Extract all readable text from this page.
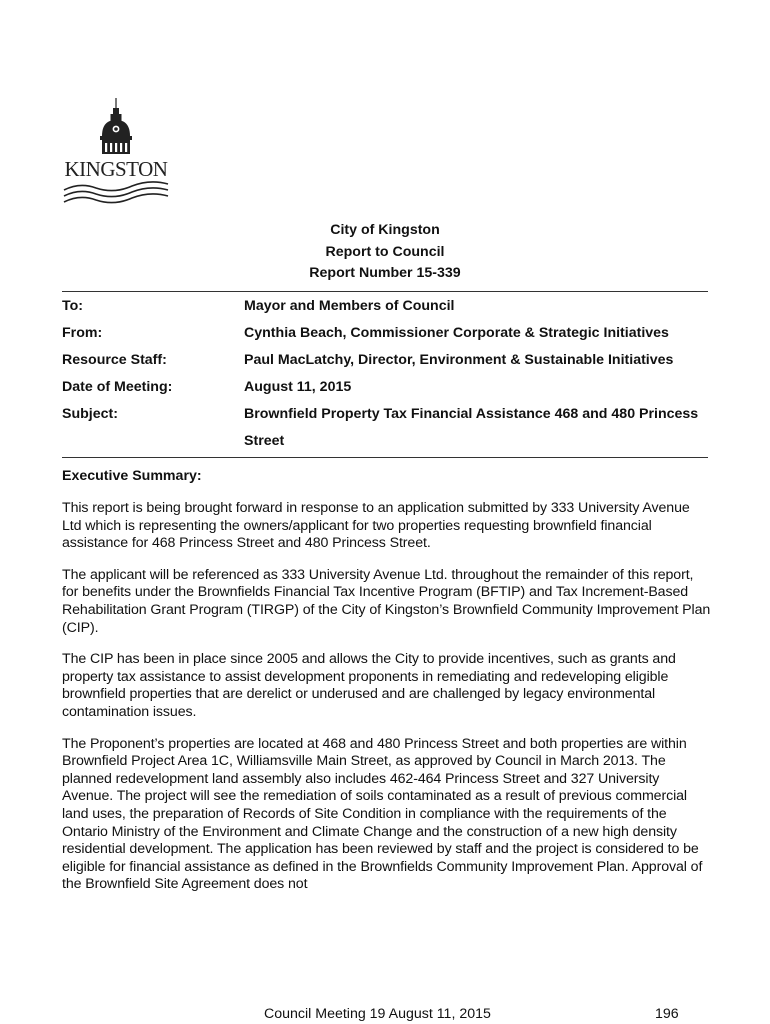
KINGSTON
City of Kingston
Report to Council
Report Number 15-339
To:	Mayor and Members of Council
From:	Cynthia Beach, Commissioner Corporate & Strategic Initiatives
Resource Staff:	Paul MacLatchy, Director, Environment & Sustainable Initiatives
Date of Meeting:	August 11, 2015
Subject:	Brownfield Property Tax Financial Assistance 468 and 480 Princess Street
Executive Summary:

This report is being brought forward in response to an application submitted by 333 University Avenue Ltd which is representing the owners/applicant for two properties requesting brownfield financial assistance for 468 Princess Street and 480 Princess Street.

The applicant will be referenced as 333 University Avenue Ltd. throughout the remainder of this report, for benefits under the Brownfields Financial Tax Incentive Program (BFTIP) and Tax Increment-Based Rehabilitation Grant Program (TIRGP) of the City of Kingston’s Brownfield Community Improvement Plan (CIP).

The CIP has been in place since 2005 and allows the City to provide incentives, such as grants and property tax assistance to assist development proponents in remediating and redeveloping eligible brownfield properties that are derelict or underused and are challenged by legacy environmental contamination issues.

The Proponent’s properties are located at 468 and 480 Princess Street and both properties are within Brownfield Project Area 1C, Williamsville Main Street, as approved by Council in March 2013. The planned redevelopment land assembly also includes 462-464 Princess Street and 327 University Avenue. The project will see the remediation of soils contaminated as a result of previous commercial land uses, the preparation of Records of Site Condition in compliance with the requirements of the Ontario Ministry of the Environment and Climate Change and the construction of a new high density residential development. The application has been reviewed by staff and the project is considered to be eligible for financial assistance as defined in the Brownfields Community Improvement Plan. Approval of the Brownfield Site Agreement does not

Council Meeting 19 August 11, 2015	196
